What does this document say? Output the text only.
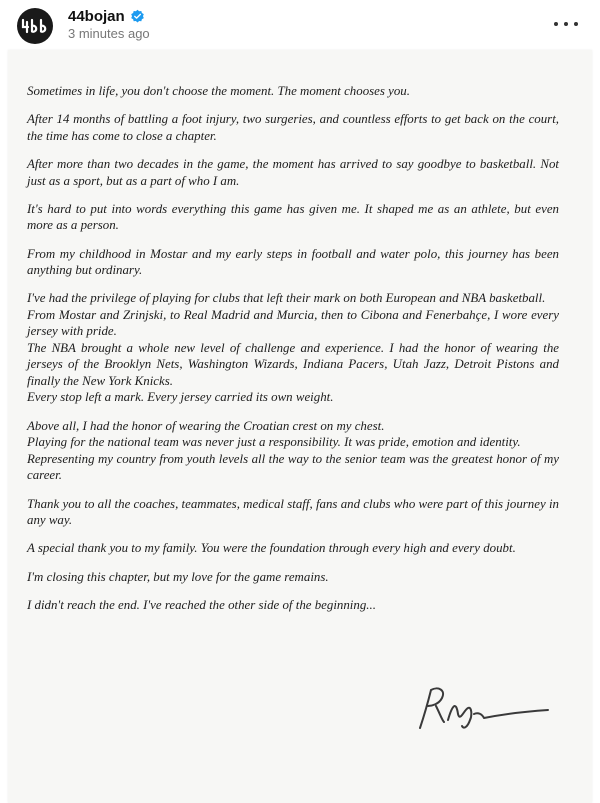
44bojan
3 minutes ago

Sometimes in life, you don't choose the moment. The moment chooses you.

After 14 months of battling a foot injury, two surgeries, and countless efforts to get back on the court, the time has come to close a chapter.

After more than two decades in the game, the moment has arrived to say goodbye to basketball. Not just as a sport, but as a part of who I am.

It's hard to put into words everything this game has given me. It shaped me as an athlete, but even more as a person.

From my childhood in Mostar and my early steps in football and water polo, this journey has been anything but ordinary.

I've had the privilege of playing for clubs that left their mark on both European and NBA basketball.

From Mostar and Zrinjski, to Real Madrid and Murcia, then to Cibona and Fenerbahçe, I wore every jersey with pride.

The NBA brought a whole new level of challenge and experience. I had the honor of wearing the jerseys of the Brooklyn Nets, Washington Wizards, Indiana Pacers, Utah Jazz, Detroit Pistons and finally the New York Knicks.

Every stop left a mark. Every jersey carried its own weight.

Above all, I had the honor of wearing the Croatian crest on my chest.

Playing for the national team was never just a responsibility. It was pride, emotion and identity.

Representing my country from youth levels all the way to the senior team was the greatest honor of my career.

Thank you to all the coaches, teammates, medical staff, fans and clubs who were part of this journey in any way.

A special thank you to my family. You were the foundation through every high and every doubt.

I'm closing this chapter, but my love for the game remains.

I didn't reach the end. I've reached the other side of the beginning...
